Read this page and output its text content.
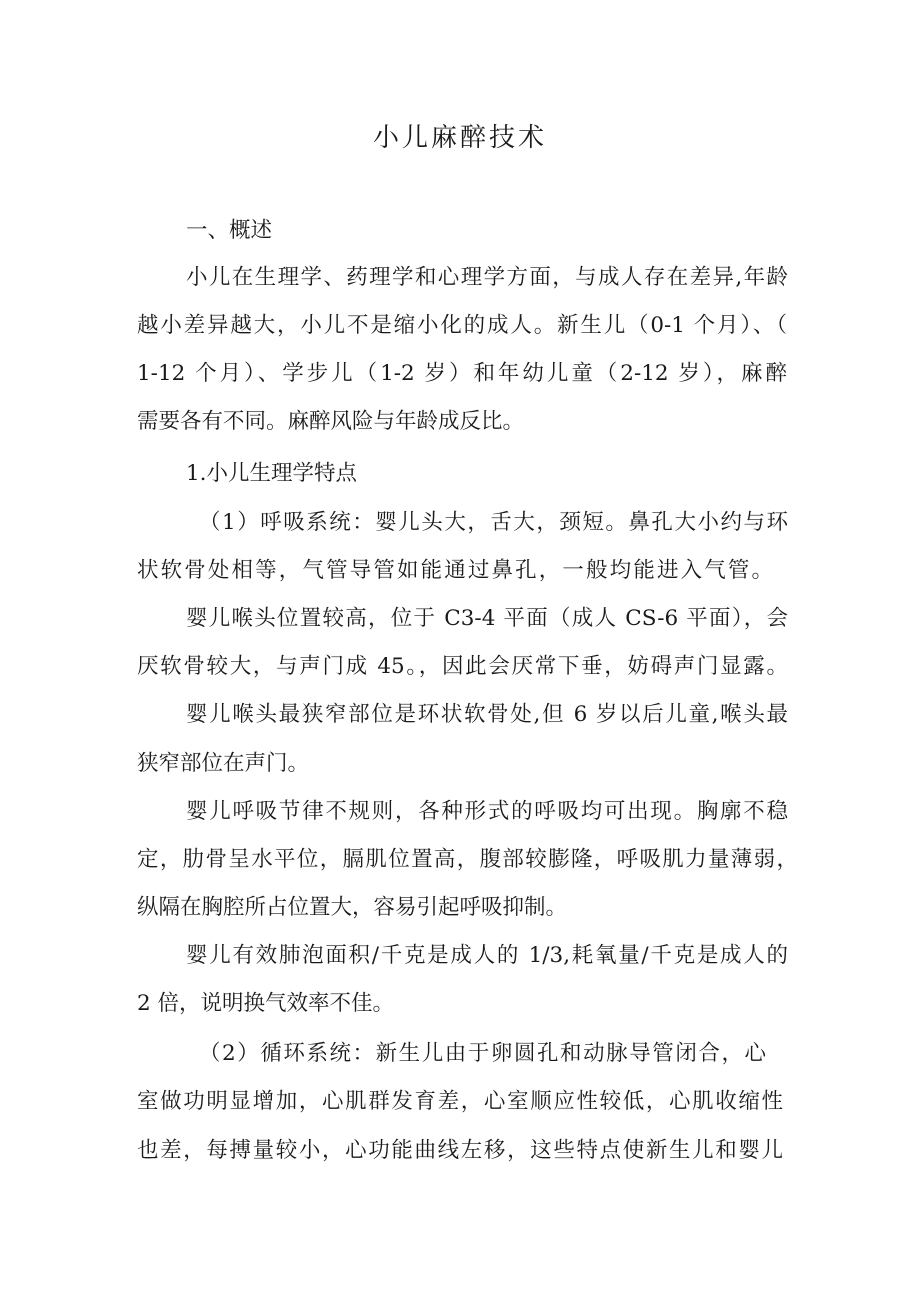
小儿麻醉技术
一、概述
小儿在生理学、药理学和心理学方面，与成人存在差异,年龄
越小差异越大，小儿不是缩小化的成人。新生儿（0-1 个月）、（
1-12 个月）、学步儿（1-2 岁）和年幼儿童（2-12 岁），麻醉
需要各有不同。麻醉风险与年龄成反比。
1.小儿生理学特点
（1）呼吸系统：婴儿头大，舌大，颈短。鼻孔大小约与环
状软骨处相等，气管导管如能通过鼻孔，一般均能进入气管。
婴儿喉头位置较高，位于 C3-4 平面（成人 CS-6 平面），会
厌软骨较大，与声门成 45。，因此会厌常下垂，妨碍声门显露。
婴儿喉头最狭窄部位是环状软骨处,但 6 岁以后儿童,喉头最
狭窄部位在声门。
婴儿呼吸节律不规则，各种形式的呼吸均可出现。胸廓不稳
定，肋骨呈水平位，膈肌位置高，腹部较膨隆，呼吸肌力量薄弱，
纵隔在胸腔所占位置大，容易引起呼吸抑制。
婴儿有效肺泡面积/千克是成人的 1/3,耗氧量/千克是成人的
2 倍，说明换气效率不佳。
（2）循环系统：新生儿由于卵圆孔和动脉导管闭合，心
室做功明显增加，心肌群发育差，心室顺应性较低，心肌收缩性
也差，每搏量较小，心功能曲线左移，这些特点使新生儿和婴儿
